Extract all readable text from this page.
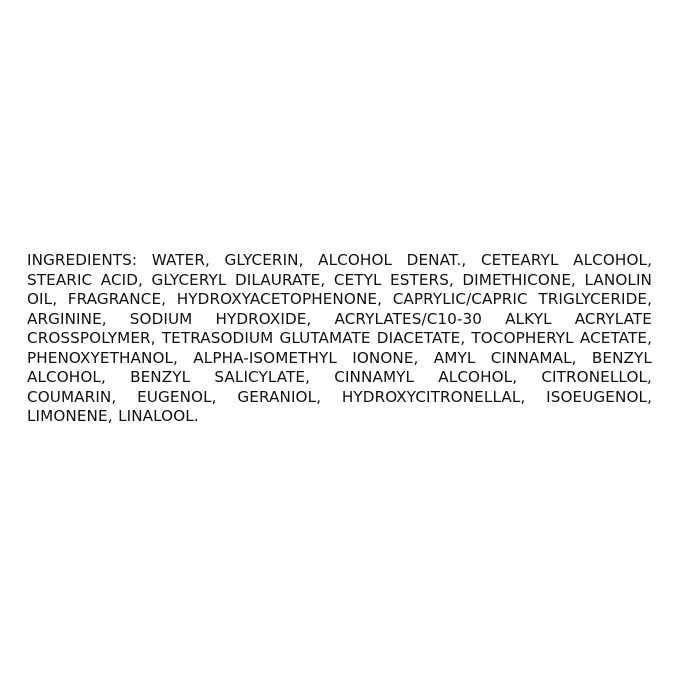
INGREDIENTS: WATER, GLYCERIN, ALCOHOL DENAT., CETEARYL ALCOHOL, STEARIC ACID, GLYCERYL DILAURATE, CETYL ESTERS, DIMETHICONE, LANOLIN OIL, FRAGRANCE, HYDROXYACETOPHENONE, CAPRYLIC/CAPRIC TRIGLYCERIDE, ARGININE, SODIUM HYDROXIDE, ACRYLATES/C10-30 ALKYL ACRYLATE CROSSPOLYMER, TETRASODIUM GLUTAMATE DIACETATE, TOCOPHERYL ACETATE, PHENOXYETHANOL, ALPHA-ISOMETHYL IONONE, AMYL CINNAMAL, BENZYL ALCOHOL, BENZYL SALICYLATE, CINNAMYL ALCOHOL, CITRONELLOL, COUMARIN, EUGENOL, GERANIOL, HYDROXYCITRONELLAL, ISOEUGENOL, LIMONENE, LINALOOL.
